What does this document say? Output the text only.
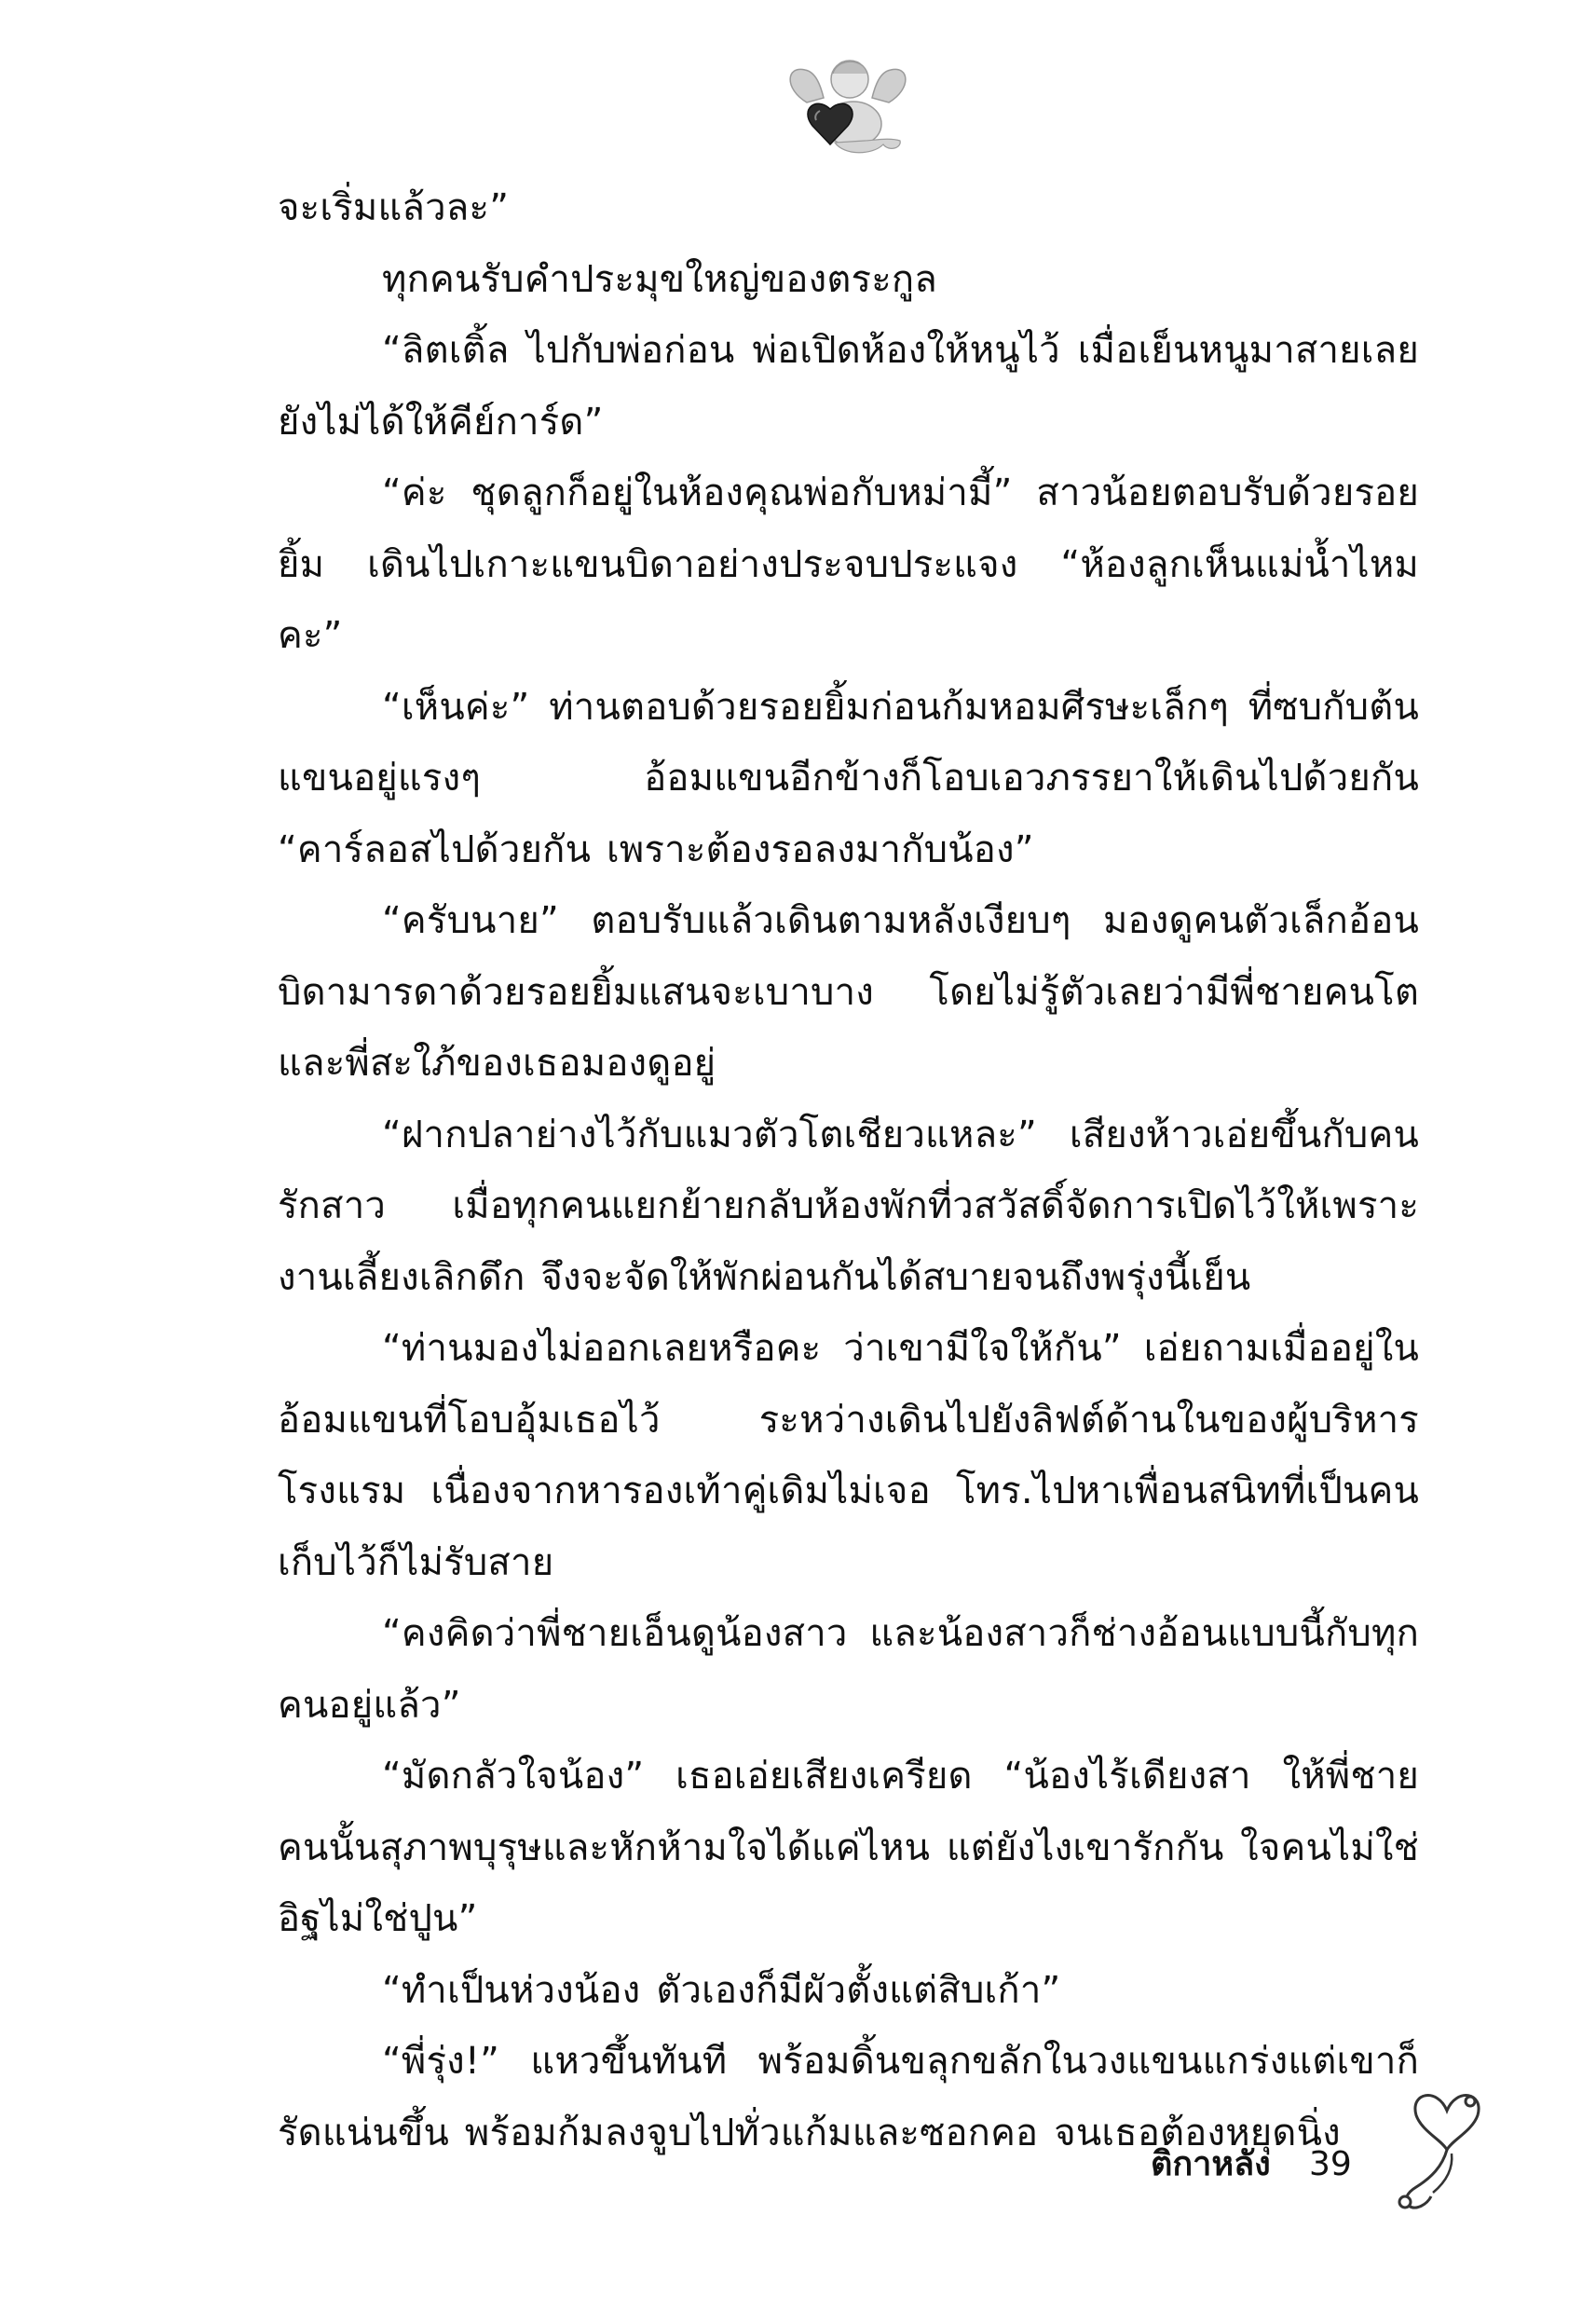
จะเริ่มแล้วละ”

ทุกคนรับคำประมุขใหญ่ของตระกูล

“ลิตเติ้ล ไปกับพ่อก่อน พ่อเปิดห้องให้หนูไว้ เมื่อเย็นหนูมาสายเลยยังไม่ได้ให้คีย์การ์ด”

“ค่ะ ชุดลูกก็อยู่ในห้องคุณพ่อกับหม่ามี้” สาวน้อยตอบรับด้วยรอยยิ้ม เดินไปเกาะแขนบิดาอย่างประจบประแจง “ห้องลูกเห็นแม่น้ำไหมคะ”

“เห็นค่ะ” ท่านตอบด้วยรอยยิ้มก่อนก้มหอมศีรษะเล็กๆ ที่ซบกับต้นแขนอยู่แรงๆ อ้อมแขนอีกข้างก็โอบเอวภรรยาให้เดินไปด้วยกัน “คาร์ลอสไปด้วยกัน เพราะต้องรอลงมากับน้อง”

“ครับนาย” ตอบรับแล้วเดินตามหลังเงียบๆ มองดูคนตัวเล็กอ้อนบิดามารดาด้วยรอยยิ้มแสนจะเบาบาง โดยไม่รู้ตัวเลยว่ามีพี่ชายคนโตและพี่สะใภ้ของเธอมองดูอยู่

“ฝากปลาย่างไว้กับแมวตัวโตเชียวแหละ” เสียงห้าวเอ่ยขึ้นกับคนรักสาว เมื่อทุกคนแยกย้ายกลับห้องพักที่วสวัสดิ์จัดการเปิดไว้ให้เพราะงานเลี้ยงเลิกดึก จึงจะจัดให้พักผ่อนกันได้สบายจนถึงพรุ่งนี้เย็น

“ท่านมองไม่ออกเลยหรือคะ ว่าเขามีใจให้กัน” เอ่ยถามเมื่ออยู่ในอ้อมแขนที่โอบอุ้มเธอไว้ ระหว่างเดินไปยังลิฟต์ด้านในของผู้บริหารโรงแรม เนื่องจากหารองเท้าคู่เดิมไม่เจอ โทร.ไปหาเพื่อนสนิทที่เป็นคนเก็บไว้ก็ไม่รับสาย

“คงคิดว่าพี่ชายเอ็นดูน้องสาว และน้องสาวก็ช่างอ้อนแบบนี้กับทุกคนอยู่แล้ว”

“มัดกลัวใจน้อง” เธอเอ่ยเสียงเครียด “น้องไร้เดียงสา ให้พี่ชายคนนั้นสุภาพบุรุษและหักห้ามใจได้แค่ไหน แต่ยังไงเขารักกัน ใจคนไม่ใช่อิฐไม่ใช่ปูน”

“ทำเป็นห่วงน้อง ตัวเองก็มีผัวตั้งแต่สิบเก้า”

“พี่รุ่ง!” แหวขึ้นทันที พร้อมดิ้นขลุกขลักในวงแขนแกร่งแต่เขาก็รัดแน่นขึ้น พร้อมก้มลงจูบไปทั่วแก้มและซอกคอ จนเธอต้องหยุดนิ่ง

ติกาหลัง 39
